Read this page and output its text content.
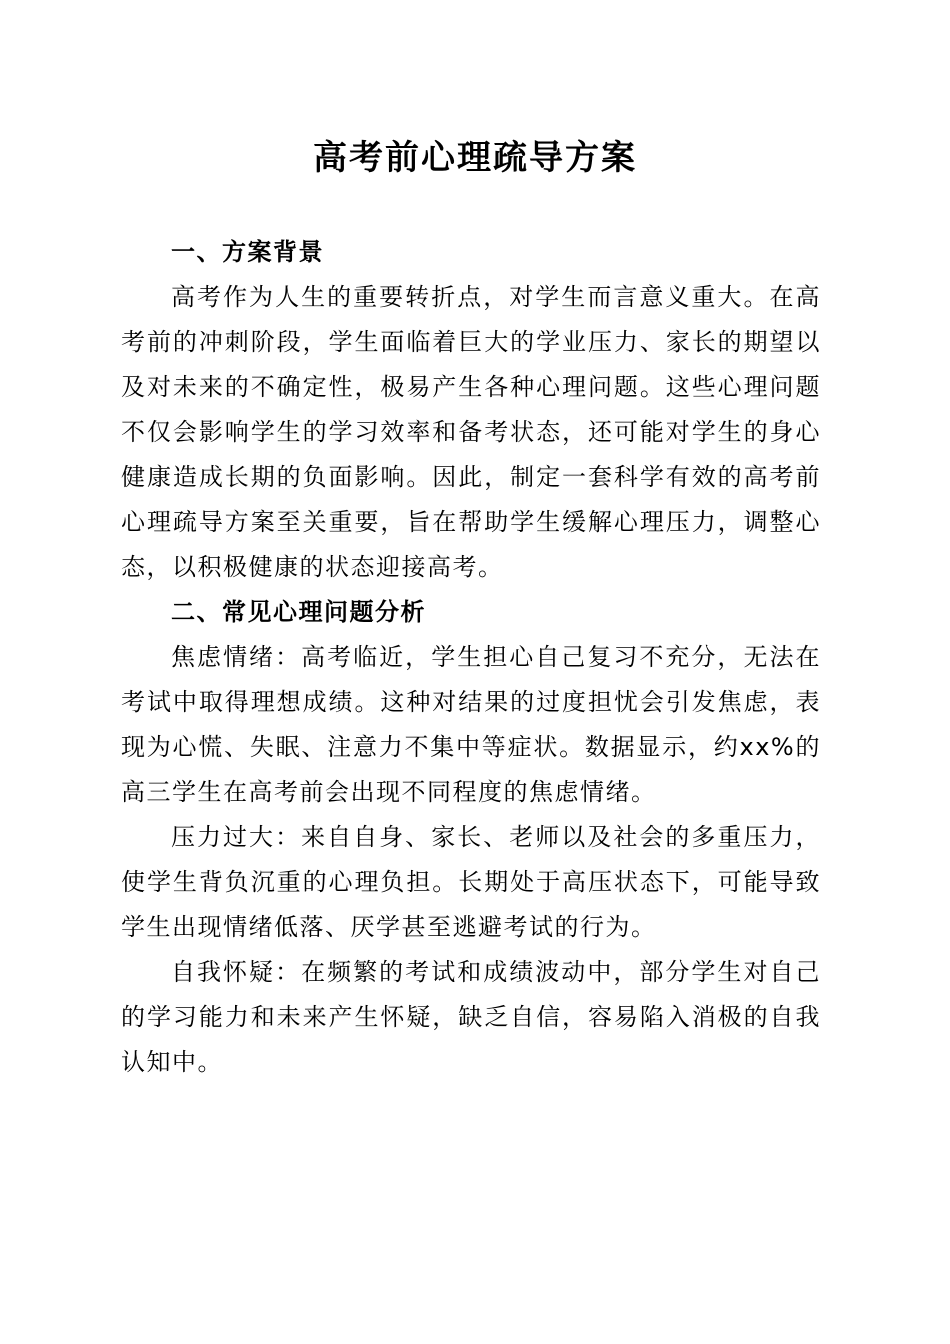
高考前心理疏导方案
一、方案背景

高考作为人生的重要转折点，对学生而言意义重大。在高考前的冲刺阶段，学生面临着巨大的学业压力、家长的期望以及对未来的不确定性，极易产生各种心理问题。这些心理问题不仅会影响学生的学习效率和备考状态，还可能对学生的身心健康造成长期的负面影响。因此，制定一套科学有效的高考前心理疏导方案至关重要，旨在帮助学生缓解心理压力，调整心态，以积极健康的状态迎接高考。

二、常见心理问题分析

焦虑情绪：高考临近，学生担心自己复习不充分，无法在考试中取得理想成绩。这种对结果的过度担忧会引发焦虑，表现为心慌、失眠、注意力不集中等症状。数据显示，约xx%的高三学生在高考前会出现不同程度的焦虑情绪。

压力过大：来自自身、家长、老师以及社会的多重压力，使学生背负沉重的心理负担。长期处于高压状态下，可能导致学生出现情绪低落、厌学甚至逃避考试的行为。

自我怀疑：在频繁的考试和成绩波动中，部分学生对自己的学习能力和未来产生怀疑，缺乏自信，容易陷入消极的自我认知中。
